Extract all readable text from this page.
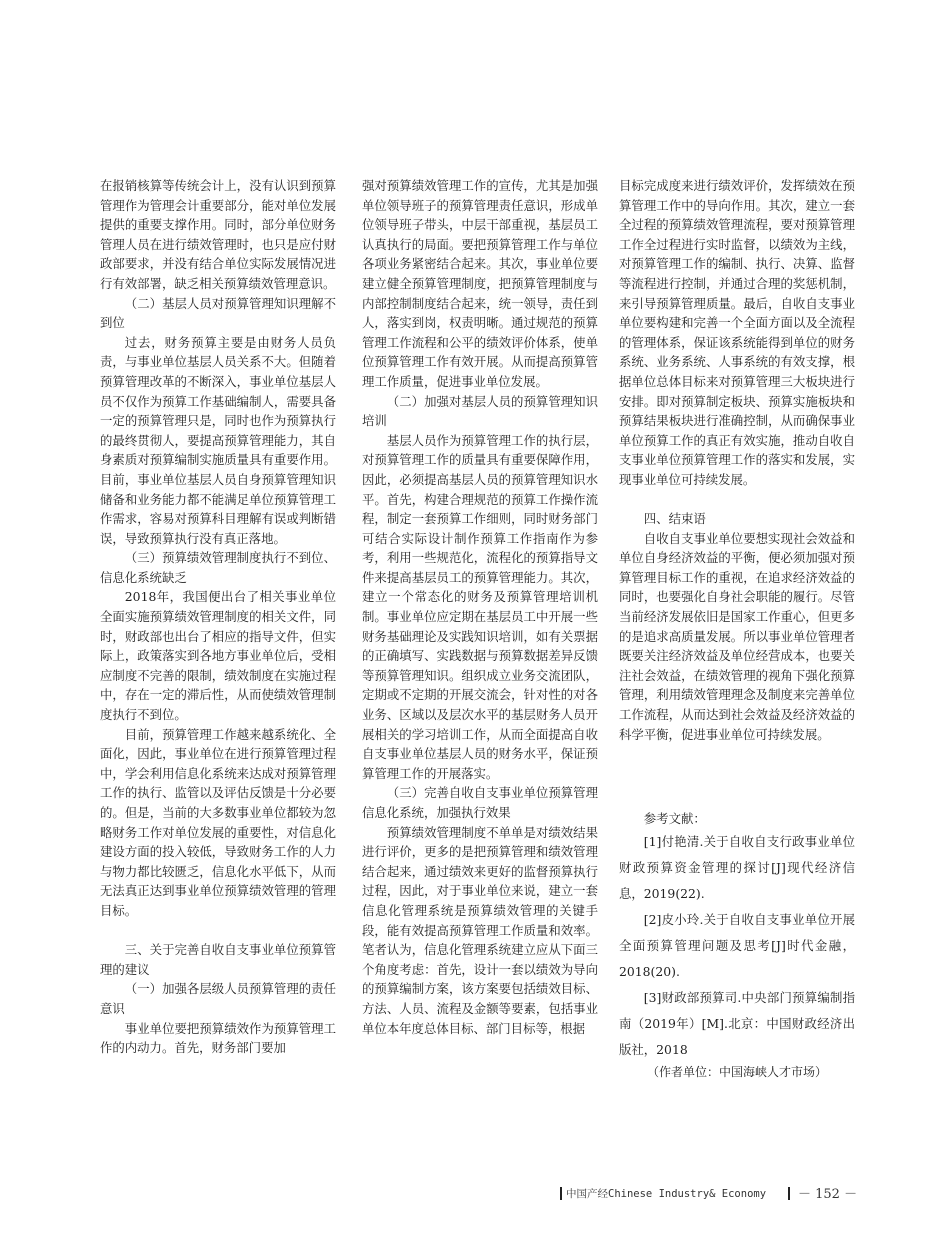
在报销核算等传统会计上，没有认识到预算管理作为管理会计重要部分，能对单位发展提供的重要支撑作用。同时，部分单位财务管理人员在进行绩效管理时，也只是应付财政部要求，并没有结合单位实际发展情况进行有效部署，缺乏相关预算绩效管理意识。

（二）基层人员对预算管理知识理解不到位

过去，财务预算主要是由财务人员负责，与事业单位基层人员关系不大。但随着预算管理改革的不断深入，事业单位基层人员不仅作为预算工作基础编制人，需要具备一定的预算管理只是，同时也作为预算执行的最终贯彻人，要提高预算管理能力，其自身素质对预算编制实施质量具有重要作用。目前，事业单位基层人员自身预算管理知识储备和业务能力都不能满足单位预算管理工作需求，容易对预算科目理解有误或判断错误，导致预算执行没有真正落地。

（三）预算绩效管理制度执行不到位、信息化系统缺乏

2018年，我国便出台了相关事业单位全面实施预算绩效管理制度的相关文件，同时，财政部也出台了相应的指导文件，但实际上，政策落实到各地方事业单位后，受相应制度不完善的限制，绩效制度在实施过程中，存在一定的滞后性，从而使绩效管理制度执行不到位。

目前，预算管理工作越来越系统化、全面化，因此，事业单位在进行预算管理过程中，学会利用信息化系统来达成对预算管理工作的执行、监管以及评估反馈是十分必要的。但是，当前的大多数事业单位都较为忽略财务工作对单位发展的重要性，对信息化建设方面的投入较低，导致财务工作的人力与物力都比较匮乏，信息化水平低下，从而无法真正达到事业单位预算绩效管理的管理目标。

三、关于完善自收自支事业单位预算管理的建议

（一）加强各层级人员预算管理的责任意识

事业单位要把预算绩效作为预算管理工作的内动力。首先，财务部门要加

强对预算绩效管理工作的宣传，尤其是加强单位领导班子的预算管理责任意识，形成单位领导班子带头，中层干部重视，基层员工认真执行的局面。要把预算管理工作与单位各项业务紧密结合起来。其次，事业单位要建立健全预算管理制度，把预算管理制度与内部控制制度结合起来，统一领导，责任到人，落实到岗，权责明晰。通过规范的预算管理工作流程和公平的绩效评价体系，使单位预算管理工作有效开展。从而提高预算管理工作质量，促进事业单位发展。

（二）加强对基层人员的预算管理知识培训

基层人员作为预算管理工作的执行层，对预算管理工作的质量具有重要保障作用，因此，必须提高基层人员的预算管理知识水平。首先，构建合理规范的预算工作操作流程，制定一套预算工作细则，同时财务部门可结合实际设计制作预算工作指南作为参考，利用一些规范化，流程化的预算指导文件来提高基层员工的预算管理能力。其次，建立一个常态化的财务及预算管理培训机制。事业单位应定期在基层员工中开展一些财务基础理论及实践知识培训，如有关票据的正确填写、实践数据与预算数据差异反馈等预算管理知识。组织成立业务交流团队，定期或不定期的开展交流会，针对性的对各业务、区域以及层次水平的基层财务人员开展相关的学习培训工作，从而全面提高自收自支事业单位基层人员的财务水平，保证预算管理工作的开展落实。

（三）完善自收自支事业单位预算管理信息化系统，加强执行效果

预算绩效管理制度不单单是对绩效结果进行评价，更多的是把预算管理和绩效管理结合起来，通过绩效来更好的监督预算执行过程，因此，对于事业单位来说，建立一套信息化管理系统是预算绩效管理的关键手段，能有效提高预算管理工作质量和效率。笔者认为，信息化管理系统建立应从下面三个角度考虑：首先，设计一套以绩效为导向的预算编制方案，该方案要包括绩效目标、方法、人员、流程及金额等要素，包括事业单位本年度总体目标、部门目标等，根据

目标完成度来进行绩效评价，发挥绩效在预算管理工作中的导向作用。其次，建立一套全过程的预算绩效管理流程，要对预算管理工作全过程进行实时监督，以绩效为主线，对预算管理工作的编制、执行、决算、监督等流程进行控制，并通过合理的奖惩机制，来引导预算管理质量。最后，自收自支事业单位要构建和完善一个全面方面以及全流程的管理体系，保证该系统能得到单位的财务系统、业务系统、人事系统的有效支撑，根据单位总体目标来对预算管理三大板块进行安排。即对预算制定板块、预算实施板块和预算结果板块进行准确控制，从而确保事业单位预算工作的真正有效实施，推动自收自支事业单位预算管理工作的落实和发展，实现事业单位可持续发展。

四、结束语

自收自支事业单位要想实现社会效益和单位自身经济效益的平衡，便必须加强对预算管理目标工作的重视，在追求经济效益的同时，也要强化自身社会职能的履行。尽管当前经济发展依旧是国家工作重心，但更多的是追求高质量发展。所以事业单位管理者既要关注经济效益及单位经营成本，也要关注社会效益，在绩效管理的视角下强化预算管理，利用绩效管理理念及制度来完善单位工作流程，从而达到社会效益及经济效益的科学平衡，促进事业单位可持续发展。

参考文献：

[1]付艳清.关于自收自支行政事业单位财政预算资金管理的探讨[J]现代经济信息，2019(22).

[2]皮小玲.关于自收自支事业单位开展全面预算管理问题及思考[J]时代金融，2018(20).

[3]财政部预算司.中央部门预算编制指南（2019年）[M].北京：中国财政经济出版社，2018

（作者单位：中国海峡人才市场）

中国产经Chinese Industry& Economy － 152 －
